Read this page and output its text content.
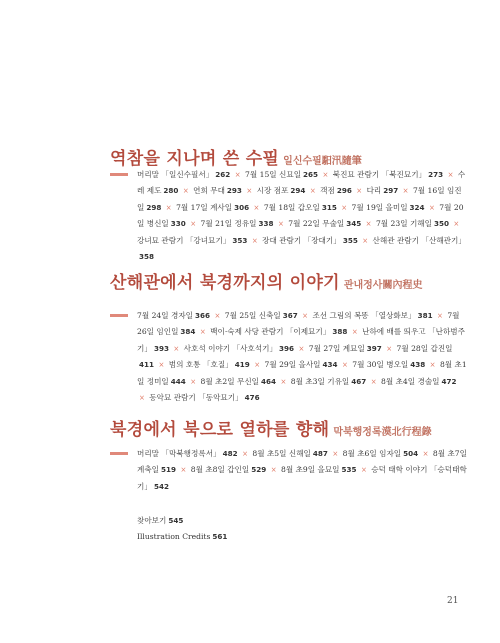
역참을 지나며 쓴 수필 일신수필馹汛隨筆
머리말 「일신수필서」 262 × 7월 15일 신묘일 265 × 북진묘 관람기 「북진묘기」 273 × 수레 제도 280 × 연희 무대 293 × 시장 점포 294 × 객점 296 × 다리 297 × 7월 16일 임진일 298 × 7월 17일 계사일 306 × 7월 18일 갑오일 315 × 7월 19일 을미일 324 × 7월 20일 병신일 330 × 7월 21일 정유일 338 × 7월 22일 무술일 345 × 7월 23일 기해일 350 × 강녀묘 관람기 「강녀묘기」 353 × 장대 관람기 「장대기」 355 × 산해관 관람기 「산해관기」358
산해관에서 북경까지의 이야기 관내정사關內程史
7월 24일 경자일 366 × 7월 25일 신축일 367 × 조선 그림의 복똥 「열상화보」 381 × 7월 26일 임인일 384 × 백이·숙제 사당 관람기 「이제묘기」 388 × 난하에 배를 띄우고 「난하범주기」 393 × 사호석 이야기 「사호석기」 396 × 7월 27일 계묘일 397 × 7월 28일 갑진일411 × 범의 호통 「호질」 419 × 7월 29일 을사일 434 × 7월 30일 병오일 438 × 8월 초1일 정미일 444 × 8월 초2일 무신일 464 × 8월 초3일 기유일 467 × 8월 초4일 경술일 472 × 동악묘 관람기 「동악묘기」 476
북경에서 북으로 열하를 향해 막북행정록漠北行程錄
머리말 「막북행정록서」 482 × 8월 초5일 신해일 487 × 8월 초6일 임자일 504 × 8월 초7일 계축일 519 × 8월 초8일 갑인일 529 × 8월 초9일 을묘일 535 × 승덕 태학 이야기 「승덕태학기」 542
찾아보기 545
Illustration Credits 561
21
